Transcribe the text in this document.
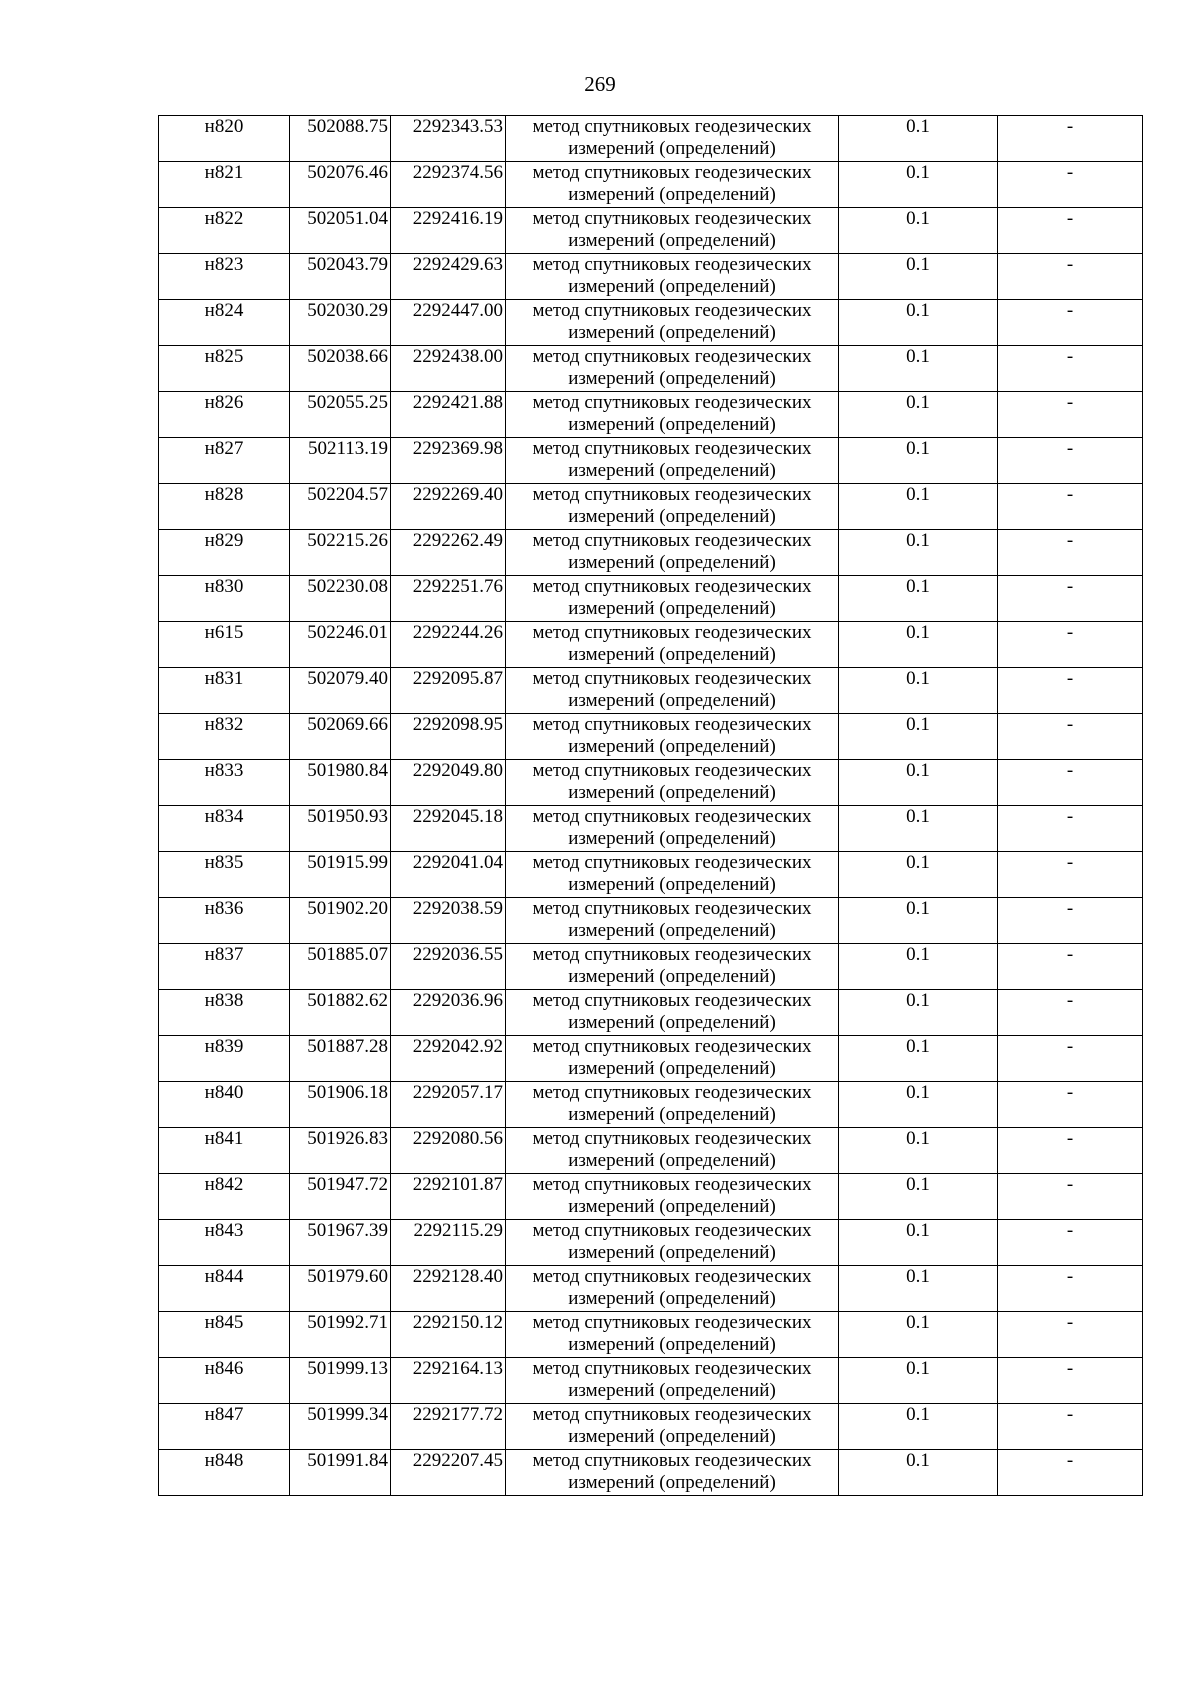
269
н820	502088.75	2292343.53	метод спутниковых геодезических измерений (определений)	0.1	-
н821	502076.46	2292374.56	метод спутниковых геодезических измерений (определений)	0.1	-
н822	502051.04	2292416.19	метод спутниковых геодезических измерений (определений)	0.1	-
н823	502043.79	2292429.63	метод спутниковых геодезических измерений (определений)	0.1	-
н824	502030.29	2292447.00	метод спутниковых геодезических измерений (определений)	0.1	-
н825	502038.66	2292438.00	метод спутниковых геодезических измерений (определений)	0.1	-
н826	502055.25	2292421.88	метод спутниковых геодезических измерений (определений)	0.1	-
н827	502113.19	2292369.98	метод спутниковых геодезических измерений (определений)	0.1	-
н828	502204.57	2292269.40	метод спутниковых геодезических измерений (определений)	0.1	-
н829	502215.26	2292262.49	метод спутниковых геодезических измерений (определений)	0.1	-
н830	502230.08	2292251.76	метод спутниковых геодезических измерений (определений)	0.1	-
н615	502246.01	2292244.26	метод спутниковых геодезических измерений (определений)	0.1	-
н831	502079.40	2292095.87	метод спутниковых геодезических измерений (определений)	0.1	-
н832	502069.66	2292098.95	метод спутниковых геодезических измерений (определений)	0.1	-
н833	501980.84	2292049.80	метод спутниковых геодезических измерений (определений)	0.1	-
н834	501950.93	2292045.18	метод спутниковых геодезических измерений (определений)	0.1	-
н835	501915.99	2292041.04	метод спутниковых геодезических измерений (определений)	0.1	-
н836	501902.20	2292038.59	метод спутниковых геодезических измерений (определений)	0.1	-
н837	501885.07	2292036.55	метод спутниковых геодезических измерений (определений)	0.1	-
н838	501882.62	2292036.96	метод спутниковых геодезических измерений (определений)	0.1	-
н839	501887.28	2292042.92	метод спутниковых геодезических измерений (определений)	0.1	-
н840	501906.18	2292057.17	метод спутниковых геодезических измерений (определений)	0.1	-
н841	501926.83	2292080.56	метод спутниковых геодезических измерений (определений)	0.1	-
н842	501947.72	2292101.87	метод спутниковых геодезических измерений (определений)	0.1	-
н843	501967.39	2292115.29	метод спутниковых геодезических измерений (определений)	0.1	-
н844	501979.60	2292128.40	метод спутниковых геодезических измерений (определений)	0.1	-
н845	501992.71	2292150.12	метод спутниковых геодезических измерений (определений)	0.1	-
н846	501999.13	2292164.13	метод спутниковых геодезических измерений (определений)	0.1	-
н847	501999.34	2292177.72	метод спутниковых геодезических измерений (определений)	0.1	-
н848	501991.84	2292207.45	метод спутниковых геодезических измерений (определений)	0.1	-
